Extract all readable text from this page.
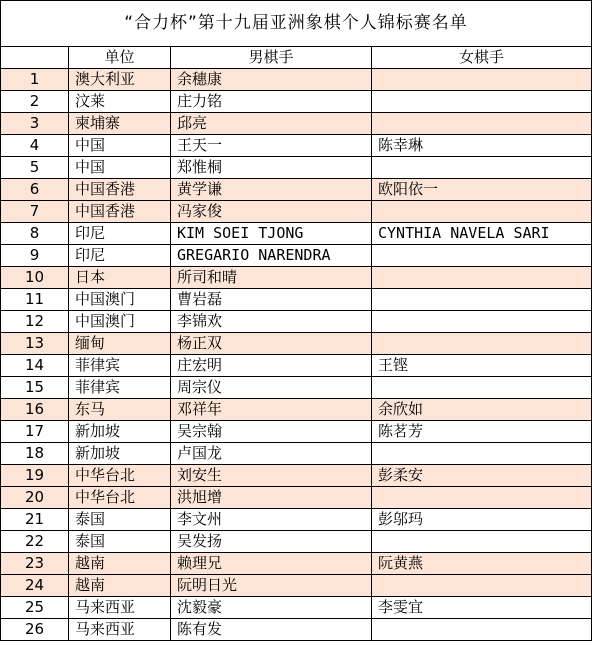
“合力杯”第十九届亚洲象棋个人锦标赛名单			
	单位	男棋手	女棋手
1	澳大利亚	余穗康	
2	汶莱	庄力铭	
3	柬埔寨	邱亮	
4	中国	王天一	陈幸琳
5	中国	郑惟桐	
6	中国香港	黄学谦	欧阳依一
7	中国香港	冯家俊	
8	印尼	KIM SOEI TJONG	CYNTHIA NAVELA SARI
9	印尼	GREGARIO NARENDRA	
10	日本	所司和晴	
11	中国澳门	曹岩磊	
12	中国澳门	李锦欢	
13	缅甸	杨正双	
14	菲律宾	庄宏明	王铿
15	菲律宾	周宗仪	
16	东马	邓祥年	余欣如
17	新加坡	吴宗翰	陈茗芳
18	新加坡	卢国龙	
19	中华台北	刘安生	彭柔安
20	中华台北	洪旭增	
21	泰国	李文州	彭邬玛
22	泰国	吴发扬	
23	越南	赖理兄	阮黄燕
24	越南	阮明日光	
25	马来西亚	沈毅豪	李雯宜
26	马来西亚	陈有发	
